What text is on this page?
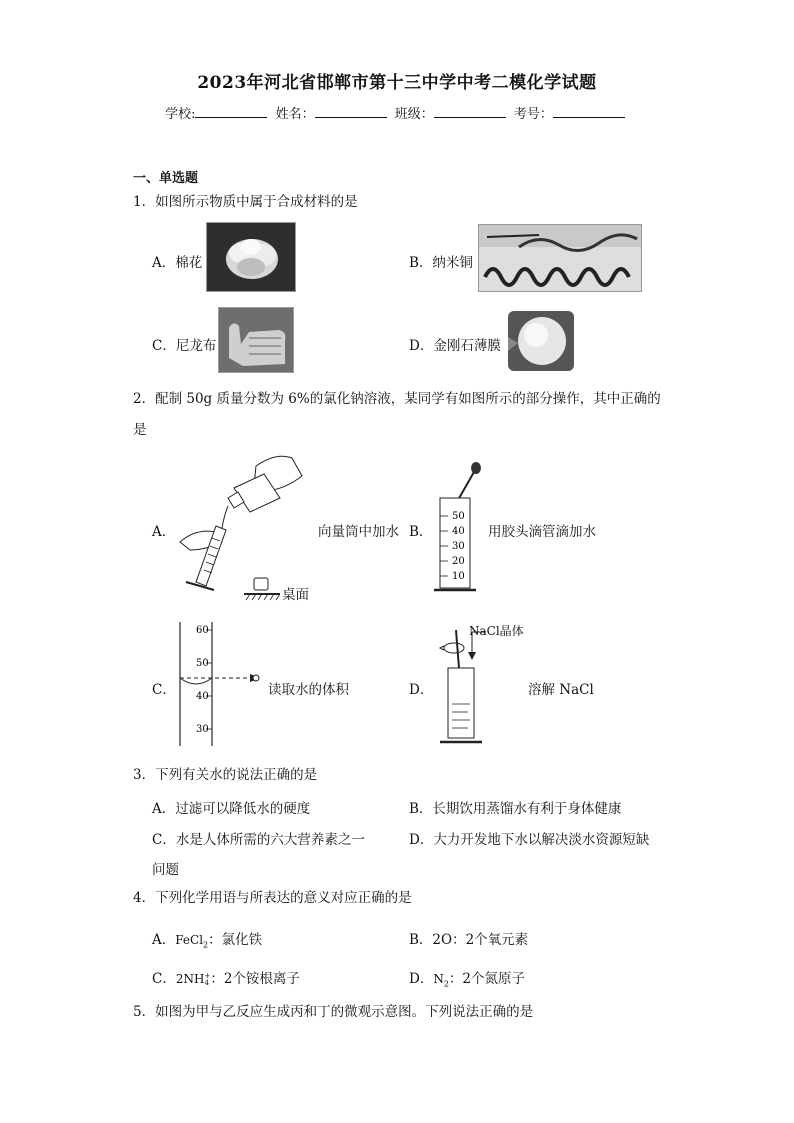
2023年河北省邯郸市第十三中学中考二模化学试题
学校:	姓名：	班级：	考号：
一、单选题
1．如图所示物质中属于合成材料的是
A．棉花	B．纳米铜
C．尼龙布	D．金刚石薄膜
2．配制 50g 质量分数为 6%的氯化钠溶液，某同学有如图所示的部分操作，其中正确的
是
A．	向量筒中加水
桌面
B．
50
40
30
20
10
用胶头滴管滴加水
C．
60
50
40
30
读取水的体积	D．
NaCl晶体
溶解 NaCl
3．下列有关水的说法正确的是
A．过滤可以降低水的硬度	B．长期饮用蒸馏水有利于身体健康
C．水是人体所需的六大营养素之一	D．大力开发地下水以解决淡水资源短缺
问题
4．下列化学用语与所表达的意义对应正确的是
A．FeCl$_2$：氯化铁	B．2O：2个氧元素
C．2NH +
4 ：2个铵根离子	D．$N_2$：2个氮原子
5．如图为甲与乙反应生成丙和丁的微观示意图。下列说法正确的是
